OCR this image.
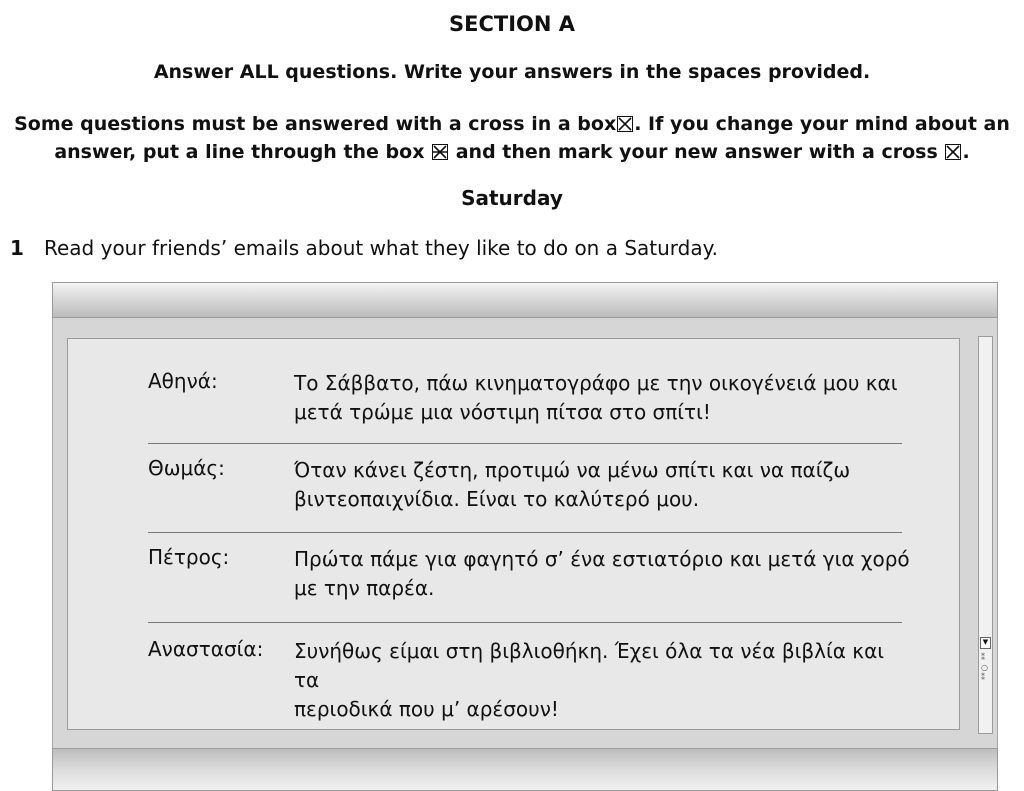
SECTION A
Answer ALL questions. Write your answers in the spaces provided.
Some questions must be answered with a cross in a box☒. If you change your mind about an
answer, put a line through the box and then mark your new answer with a cross ☒.
Saturday
1 Read your friends’ emails about what they like to do on a Saturday.
Αθηνά:	Το Σάββατο, πάω κινηματογράφο με την οικογένειά μου και
μετά τρώμε μια νόστιμη πίτσα στο σπίτι!
Θωμάς:	Όταν κάνει ζέστη, προτιμώ να μένω σπίτι και να παίζω
βιντεοπαιχνίδια. Είναι το καλύτερό μου.
Πέτρος:	Πρώτα πάμε για φαγητό σ’ ένα εστιατόριο και μετά για χορό
με την παρέα.
Αναστασία: Συνήθως είμαι στη βιβλιοθήκη. Έχει όλα τα νέα βιβλία και τα
περιοδικά που μ’ αρέσουν!
▼
⁑
○
⁑
